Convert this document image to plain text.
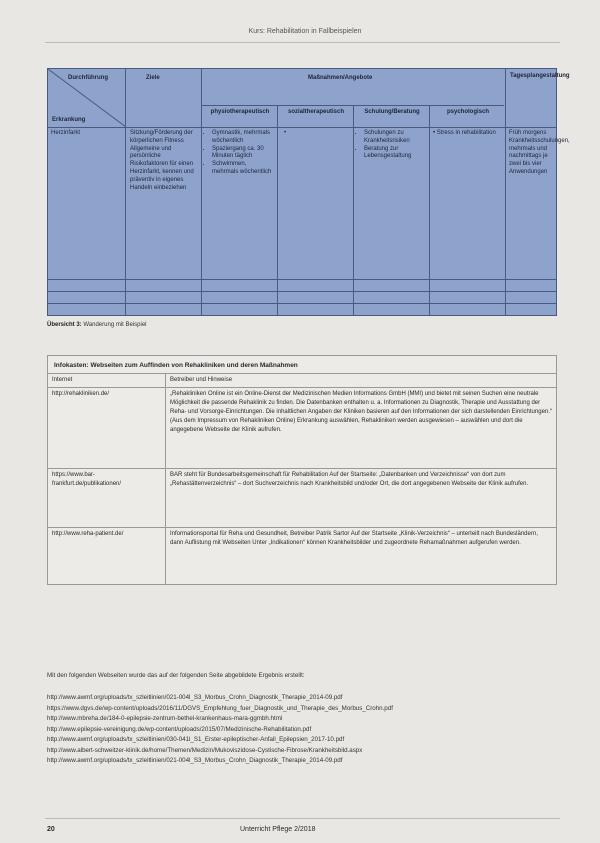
Kurs: Rehabilitation in Fallbeispielen
Durchführung
Erkrankung
Ziele	Maßnahmen/Angebote	Tagesplangestaltung
physiotherapeutisch	sozialtherapeutisch	Schulung/Beratung	psychologisch
Herzinfarkt	Sitzkung/Förderung der körperlichen Fitness Allgemeine und persönliche Risikofaktoren für einen Herzinfarkt, kennen und präventiv in eigenes Handeln einbeziehen
• Gymnastik, mehrmals wöchentlich
• Spaziergang ca. 30 Minuten täglich
• Schwimmen, mehrmals wöchentlich
•
•	Schulungen zu Krankheitsrisiken
• Beratung zur Lebensgestaltung
• Stress in rehabilitation	Früh morgens Krankheitsschulungen, mehrmals und nachmittags je zwei bis vier Anwendungen
Übersicht 3: Wanderung mit Beispiel
Infokasten: Webseiten zum Auffinden von Rehakliniken und deren Maßnahmen
Internet	Betreiber und Hinweise
http://rehakliniken.de/	„Rehakliniken Online ist ein Online-Dienst der Medizinischen Medien Informations GmbH (MMI) und bietet mit seinen Suchen eine neutrale Möglichkeit die passende Rehaklinik zu finden. Die Datenbanken enthalten u. a. Informationen zu Diagnostik, Therapie und Ausstattung der Reha- und Vorsorge-Einrichtungen. Die inhaltlichen Angaben der Kliniken basieren auf den Informationen der sich darstellenden Einrichtungen.“ (Aus dem Impressum von Rehakliniken Online) Erkrankung auswählen, Rehakliniken werden ausgewiesen – auswählen und dort die angegebene Webseite der Klinik aufrufen.
https://www.bar-frankfurt.de/publikationen/
BAR steht für Bundesarbeitsgemeinschaft für Rehabilitation Auf der Startseite: „Datenbanken und Verzeichnisse“ von dort zum „Rehastättenverzeichnis“ – dort Suchverzeichnis nach Krankheitsbild und/oder Ort, die dort angegebenen Webseite der Klinik aufrufen.
http://www.reha-patient.de/	Informationsportal für Reha und Gesundheit, Betreiber Patrik Sartor Auf der Startseite „Klinik-Verzeichnis“ – unterteilt nach Bundesländern, dann Auflistung mit Webseiten Unter „Indikationen“ können Krankheitsbilder und zugeordnete Rehamaßnahmen aufgerufen werden.
Mit den folgenden Webseiten wurde das auf der folgenden Seite abgebildete Ergebnis erstellt:
http://www.awmf.org/uploads/tx_szleitlinien/021-004l_S3_Morbus_Crohn_Diagnostik_Therapie_2014-09.pdf
https://www.dgvs.de/wp-content/uploads/2016/11/DGVS_Empfehlung_fuer_Diagnostik_und_Therapie_des_Morbus_Crohn.pdf
http://www.mbreha.de/184-0-epilepsie-zentrum-bethel-krankenhaus-mara-ggmbh.html
http://www.epilepsie-vereinigung.de/wp-content/uploads/2015/07/Medizinische-Rehabilitation.pdf
http://www.awmf.org/uploads/tx_szleitlinien/030-041l_S1_Erster-epileptischer-Anfall_Epilepsien_2017-10.pdf
http://www.albert-schweitzer-klinik.de/home/Themen/Medizin/Mukoviszidose-Cystische-Fibrose/Krankheitsbild.aspx
http://www.awmf.org/uploads/tx_szleitlinien/021-004l_S3_Morbus_Crohn_Diagnostik_Therapie_2014-09.pdf
20	Unterricht Pflege 2/2018
